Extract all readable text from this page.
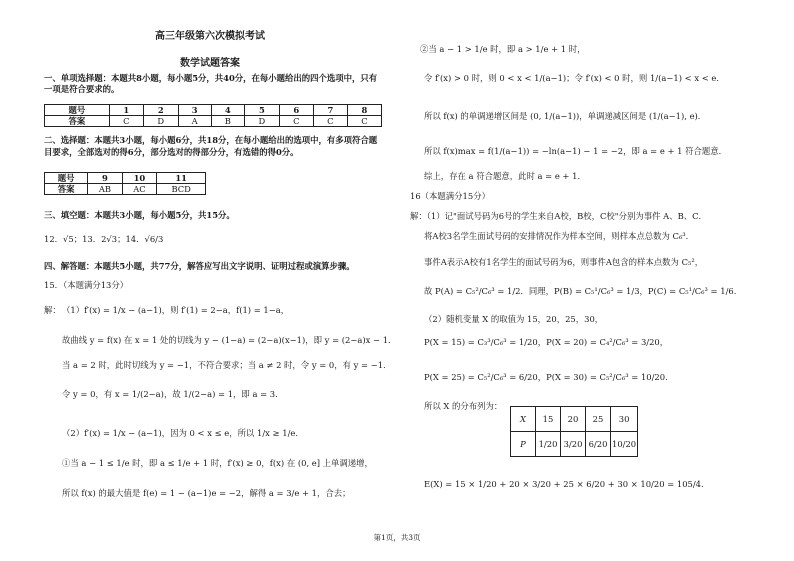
高三年级第六次模拟考试
数学试题答案
一、单项选择题：本题共8小题，每小题5分，共40分，在每小题给出的四个选项中，只有一项是符合要求的。
题号	1	2	3	4	5	6	7	8
答案	C	D	A	B	D	C	C	C
二、选择题：本题共3小题，每小题6分，共18分，在每小题给出的选项中，有多项符合题目要求，全部选对的得6分，部分选对的得部分分，有选错的得0分。
题号	9	10	11
答案	AB	AC	BCD
三、填空题：本题共3小题，每小题5分，共15分。
12．√5；13．2√3；14．√6/3
四、解答题：本题共5小题，共77分，解答应写出文字说明、证明过程或演算步骤。
15．（本题满分13分）
解： （1）f′(x) = 1/x − (a−1)，则 f′(1) = 2−a，f(1) = 1−a，
故曲线 y = f(x) 在 x = 1 处的切线为 y − (1−a) = (2−a)(x−1)，即 y = (2−a)x − 1．
当 a = 2 时，此时切线为 y = −1，不符合要求；当 a ≠ 2 时，令 y = 0，有 y = −1．
令 y = 0，有 x = 1/(2−a)，故 1/(2−a) = 1，即 a = 3．
（2）f′(x) = 1/x − (a−1)，因为 0 < x ≤ e，所以 1/x ≥ 1/e．
①当 a − 1 ≤ 1/e 时，即 a ≤ 1/e + 1 时，f′(x) ≥ 0，f(x) 在 (0, e] 上单调递增，
所以 f(x) 的最大值是 f(e) = 1 − (a−1)e = −2，解得 a = 3/e + 1，合去；
②当 a − 1 > 1/e 时，即 a > 1/e + 1 时，
令 f′(x) > 0 时，则 0 < x < 1/(a−1)；令 f′(x) < 0 时，则 1/(a−1) < x < e．
所以 f(x) 的单调递增区间是 (0, 1/(a−1))，单调递减区间是 (1/(a−1), e)．
所以 f(x)max = f(1/(a−1)) = −ln(a−1) − 1 = −2，即 a = e + 1 符合题意．
综上，存在 a 符合题意，此时 a = e + 1．
16（本题满分15分）
解：（1）记"面试号码为6号的学生来自A校，B校，C校"分别为事件 A、B、C．
将A校3名学生面试号码的安排情况作为样本空间，则样本点总数为 C₆³．
事件A表示A校有1名学生的面试号码为6，则事件A包含的样本点数为 C₅²，
故 P(A) = C₅²/C₆³ = 1/2．同理，P(B) = C₅¹/C₆³ = 1/3，P(C) = C₅¹/C₆³ = 1/6．
（2）随机变量 X 的取值为 15，20，25，30，
P(X = 15) = C₃³/C₆³ = 1/20，P(X = 20) = C₄²/C₆³ = 3/20，
P(X = 25) = C₅²/C₆³ = 6/20，P(X = 30) = C₅²/C₆³ = 10/20．
所以 X 的分布列为：
X	15	20	25	30
P	1/20	3/20	6/20	10/20
E(X) = 15 × 1/20 + 20 × 3/20 + 25 × 6/20 + 30 × 10/20 = 105/4．
第1页，共3页
